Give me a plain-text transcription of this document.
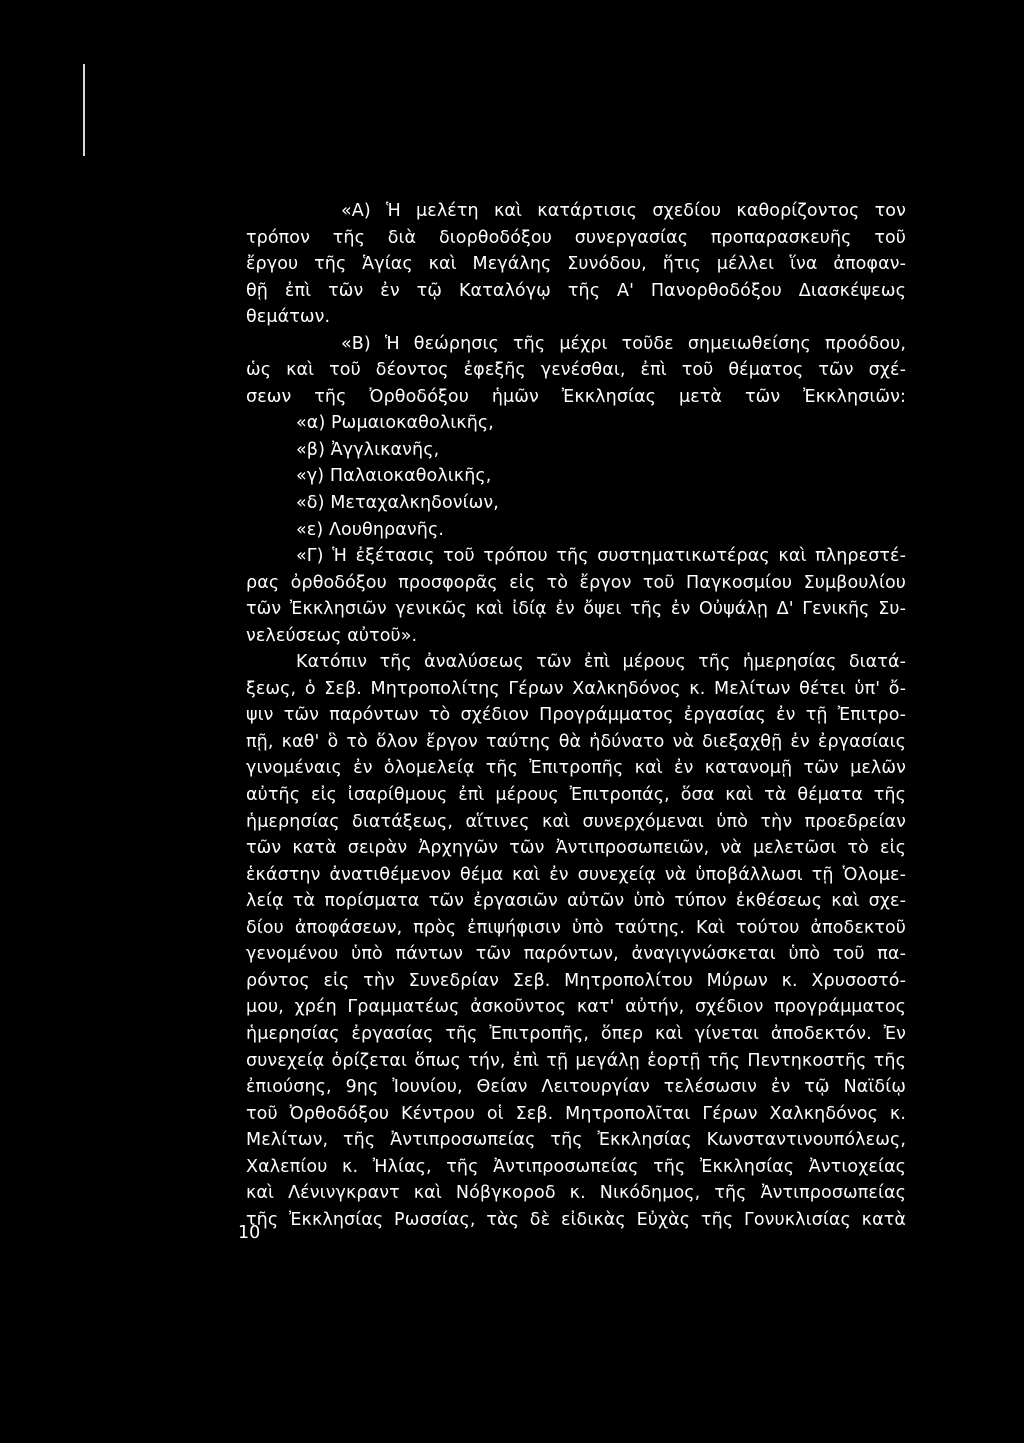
«Α) Ἡ μελέτη καὶ κατάρτισις σχεδίου καθορίζοντος τον
τρόπον τῆς διὰ διορθοδόξου συνεργασίας προπαρασκευῆς τοῦ
ἔργου τῆς Ἁγίας καὶ Μεγάλης Συνόδου, ἥτις μέλλει ἵνα ἀποφαν-
θῇ ἐπὶ τῶν ἐν τῷ Καταλόγῳ τῆς Α' Πανορθοδόξου Διασκέψεως
θεμάτων.
«Β) Ἡ θεώρησις τῆς μέχρι τοῦδε σημειωθείσης προόδου,
ὡς καὶ τοῦ δέοντος ἐφεξῆς γενέσθαι, ἐπὶ τοῦ θέματος τῶν σχέ-
σεων τῆς Ὀρθοδόξου ἡμῶν Ἐκκλησίας μετὰ τῶν Ἐκκλησιῶν:
«α) Ρωμαιοκαθολικῆς,
«β) Ἀγγλικανῆς,
«γ) Παλαιοκαθολικῆς,
«δ) Μεταχαλκηδονίων,
«ε) Λουθηρανῆς.
«Γ) Ἡ ἐξέτασις τοῦ τρόπου τῆς συστηματικωτέρας καὶ πληρεστέ-
ρας ὀρθοδόξου προσφορᾶς εἰς τὸ ἔργον τοῦ Παγκοσμίου Συμβουλίου
τῶν Ἐκκλησιῶν γενικῶς καὶ ἰδίᾳ ἐν ὄψει τῆς ἐν Οὐψάλῃ Δ' Γενικῆς Συ-
νελεύσεως αὐτοῦ».
Κατόπιν τῆς ἀναλύσεως τῶν ἐπὶ μέρους τῆς ἡμερησίας διατά-
ξεως, ὁ Σεβ. Μητροπολίτης Γέρων Χαλκηδόνος κ. Μελίτων θέτει ὑπ' ὄ-
ψιν τῶν παρόντων τὸ σχέδιον Προγράμματος ἐργασίας ἐν τῇ Ἐπιτρο-
πῇ, καθ' ὃ τὸ ὅλον ἔργον ταύτης θὰ ἠδύνατο νὰ διεξαχθῇ ἐν ἐργασίαις
γινομέναις ἐν ὁλομελείᾳ τῆς Ἐπιτροπῆς καὶ ἐν κατανομῇ τῶν μελῶν
αὐτῆς εἰς ἰσαρίθμους ἐπὶ μέρους Ἐπιτροπάς, ὅσα καὶ τὰ θέματα τῆς
ἡμερησίας διατάξεως, αἵτινες καὶ συνερχόμεναι ὑπὸ τὴν προεδρείαν
τῶν κατὰ σειρὰν Ἀρχηγῶν τῶν Ἀντιπροσωπειῶν, νὰ μελετῶσι τὸ εἰς
ἑκάστην ἀνατιθέμενον θέμα καὶ ἐν συνεχείᾳ νὰ ὑποβάλλωσι τῇ Ὁλομε-
λείᾳ τὰ πορίσματα τῶν ἐργασιῶν αὐτῶν ὑπὸ τύπον ἐκθέσεως καὶ σχε-
δίου ἀποφάσεων, πρὸς ἐπιψήφισιν ὑπὸ ταύτης. Καὶ τούτου ἀποδεκτοῦ
γενομένου ὑπὸ πάντων τῶν παρόντων, ἀναγιγνώσκεται ὑπὸ τοῦ πα-
ρόντος εἰς τὴν Συνεδρίαν Σεβ. Μητροπολίτου Μύρων κ. Χρυσοστό-
μου, χρέη Γραμματέως ἀσκοῦντος κατ' αὐτήν, σχέδιον προγράμματος
ἡμερησίας ἐργασίας τῆς Ἐπιτροπῆς, ὅπερ καὶ γίνεται ἀποδεκτόν. Ἐν
συνεχείᾳ ὁρίζεται ὅπως τήν, ἐπὶ τῇ μεγάλῃ ἑορτῇ τῆς Πεντηκοστῆς τῆς
ἐπιούσης, 9ης Ἰουνίου, Θείαν Λειτουργίαν τελέσωσιν ἐν τῷ Ναϊδίῳ
τοῦ Ὀρθοδόξου Κέντρου οἱ Σεβ. Μητροπολῖται Γέρων Χαλκηδόνος κ.
Μελίτων, τῆς Ἀντιπροσωπείας τῆς Ἐκκλησίας Κωνσταντινουπόλεως,
Χαλεπίου κ. Ἠλίας, τῆς Ἀντιπροσωπείας τῆς Ἐκκλησίας Ἀντιοχείας
καὶ Λένινγκραντ καὶ Νόβγκοροδ κ. Νικόδημος, τῆς Ἀντιπροσωπείας
τῆς Ἐκκλησίας Ρωσσίας, τὰς δὲ εἰδικὰς Εὐχὰς τῆς Γονυκλισίας κατὰ
10
